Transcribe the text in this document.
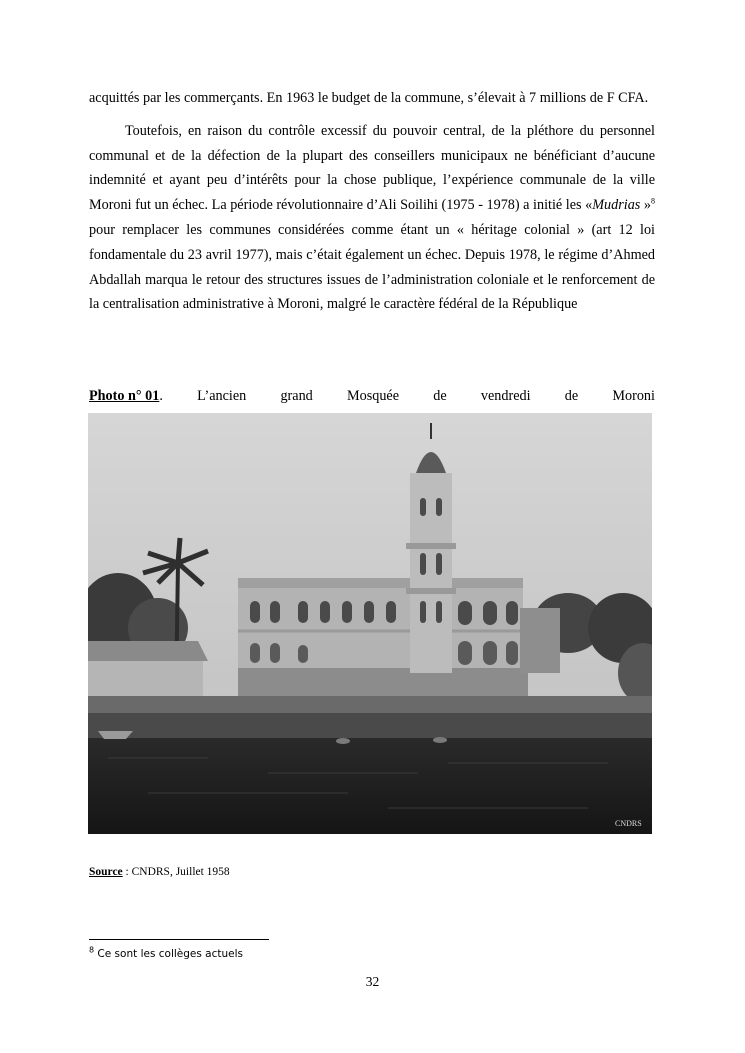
acquittés par les commerçants. En 1963 le budget de la commune, s’élevait à 7 millions de F CFA.

Toutefois, en raison du contrôle excessif du pouvoir central, de la pléthore du personnel communal et de la défection de la plupart des conseillers municipaux ne bénéficiant d’aucune indemnité et ayant peu d’intérêts pour la chose publique, l’expérience communale de la ville Moroni fut un échec. La période révolutionnaire d’Ali Soilihi (1975 - 1978) a initié les «Mudrias »$^8$ pour remplacer les communes considérées comme étant un « héritage colonial » (art 12 loi fondamentale du 23 avril 1977), mais c’était également un échec. Depuis 1978, le régime d’Ahmed Abdallah marqua le retour des structures issues de l’administration coloniale et le renforcement de la centralisation administrative à Moroni, malgré le caractère fédéral de la République

Photo n° 01. L’ancien grand Mosquée de vendredi de Moroni
CNDRS
Source : CNDRS, Juillet 1958
$^8$ Ce sont les collèges actuels
32
